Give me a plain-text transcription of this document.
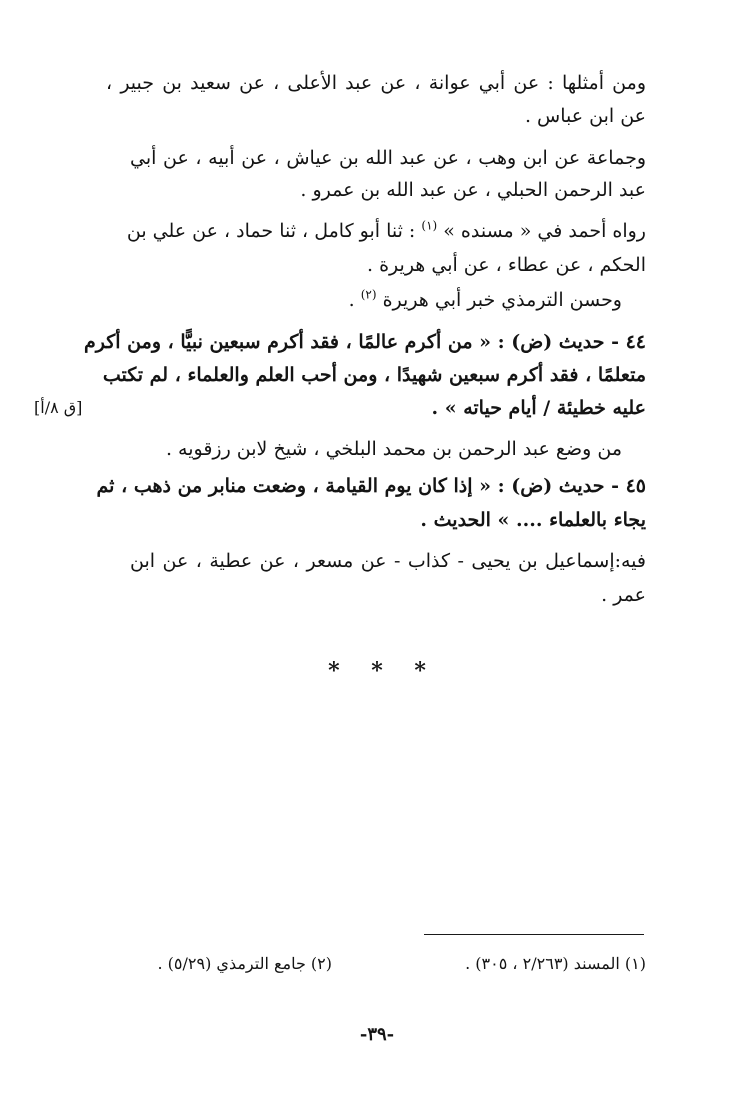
ومن أمثلها : عن أبي عوانة ، عن عبد الأعلى ، عن سعيد بن جبير ،
عن ابن عباس .
وجماعة عن ابن وهب ، عن عبد الله بن عياش ، عن أبيه ، عن أبي
عبد الرحمن الحبلي ، عن عبد الله بن عمرو .
رواه أحمد في « مسنده » $^{(١)}$ : ثنا أبو كامل ، ثنا حماد ، عن علي بن
الحكم ، عن عطاء ، عن أبي هريرة .
وحسن الترمذي خبر أبي هريرة $^{(٢)}$ .
٤٤ - حديث (ض) : « من أكرم عالمًا ، فقد أكرم سبعين نبيًّا ، ومن أكرم
متعلمًا ، فقد أكرم سبعين شهيدًا ، ومن أحب العلم والعلماء ، لم تكتب
عليه خطيئة / أيام حياته » .
[ق ٨/أ]
من وضع عبد الرحمن بن محمد البلخي ، شيخ لابن رزقويه .
٤٥ - حديث (ض) : « إذا كان يوم القيامة ، وضعت منابر من ذهب ، ثم
يجاء بالعلماء .... » الحديث .
فيه:إسماعيل بن يحيى - كذاب - عن مسعر ، عن عطية ، عن ابن
عمر .
* * *
(١) المسند (٢/٢٦٣ ، ٣٠٥) .
(٢) جامع الترمذي (٥/٢٩) .
-٣٩-
